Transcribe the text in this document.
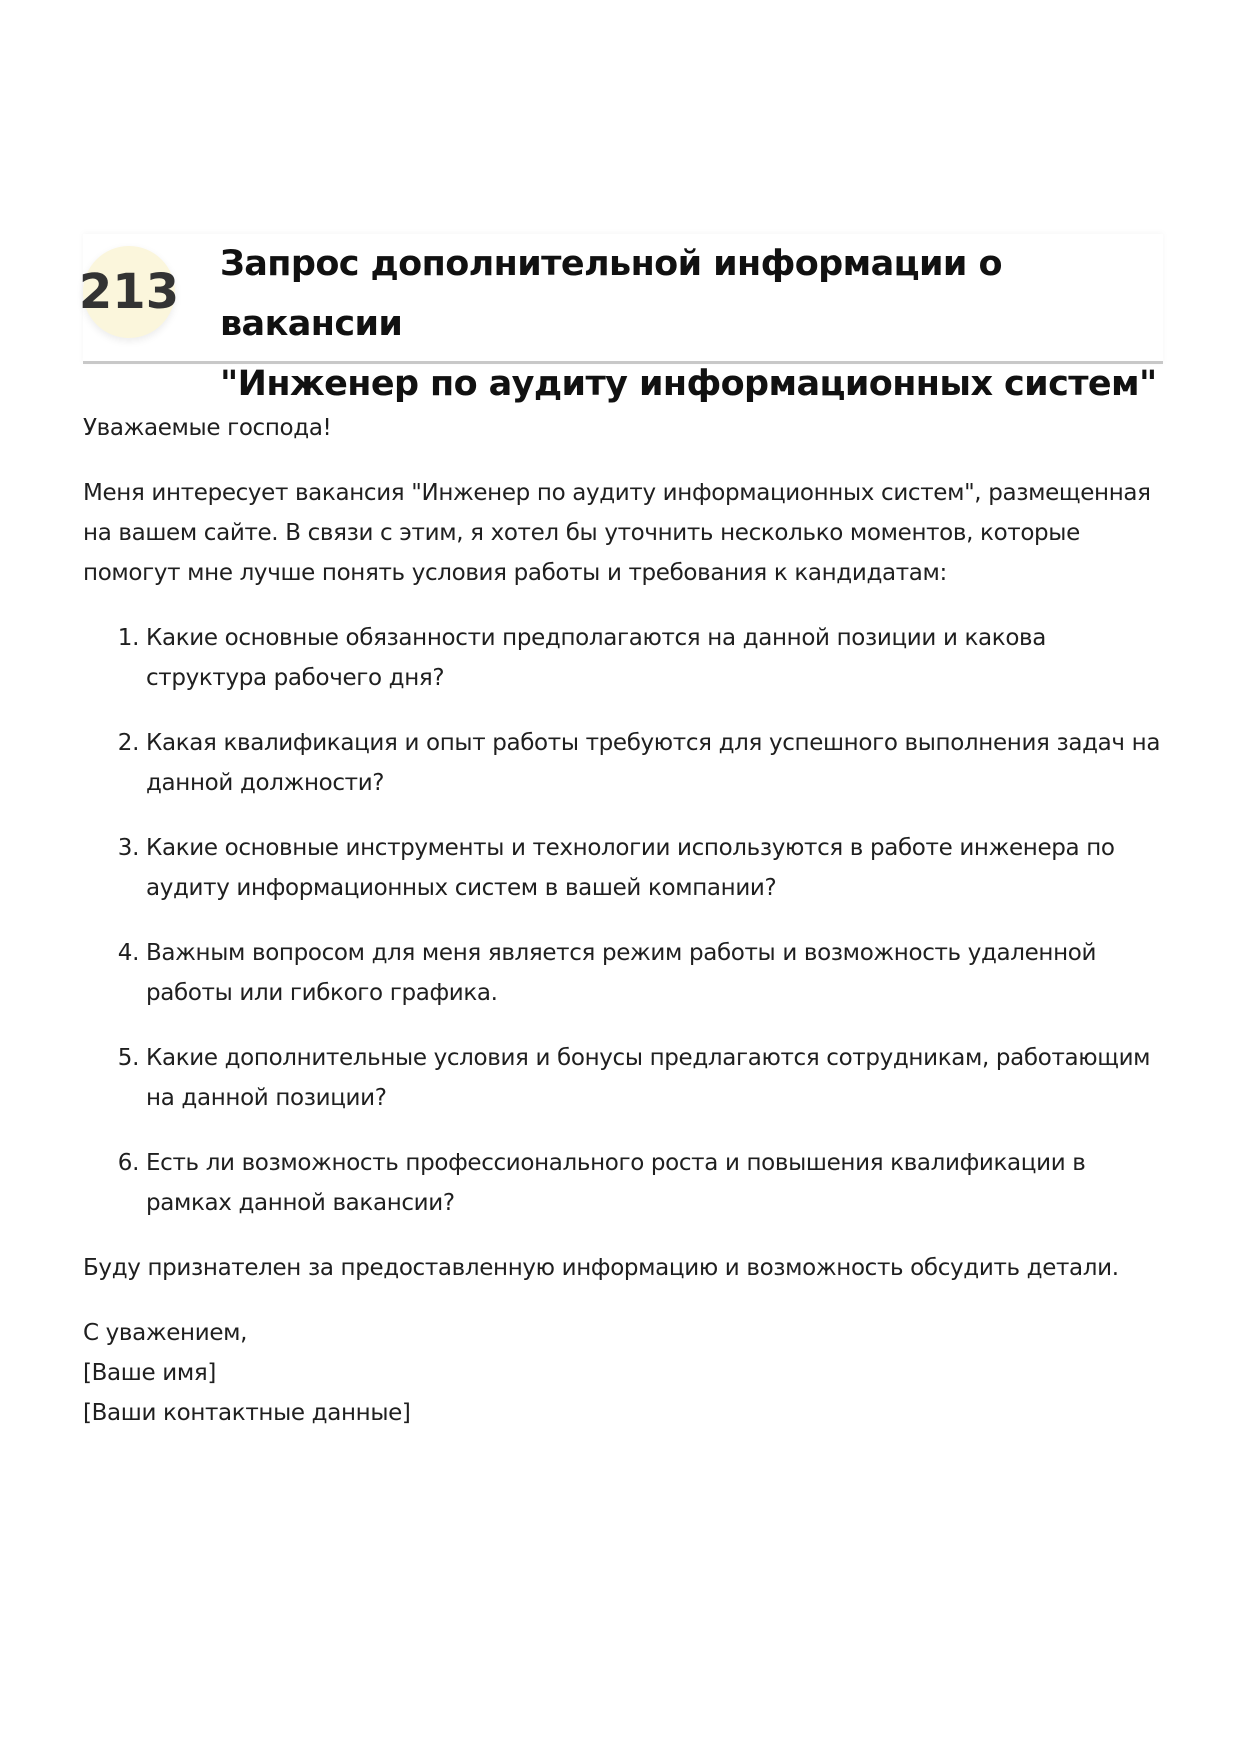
213 Запрос дополнительной информации о вакансии
"Инженер по аудиту информационных систем"

Уважаемые господа!

Меня интересует вакансия "Инженер по аудиту информационных систем", размещенная на вашем сайте. В связи с этим, я хотел бы уточнить несколько моментов, которые помогут мне лучше понять условия работы и требования к кандидатам:

1. Какие основные обязанности предполагаются на данной позиции и какова структура рабочего дня?
2. Какая квалификация и опыт работы требуются для успешного выполнения задач на данной должности?
3. Какие основные инструменты и технологии используются в работе инженера по аудиту информационных систем в вашей компании?
4. Важным вопросом для меня является режим работы и возможность удаленной работы или гибкого графика.
5. Какие дополнительные условия и бонусы предлагаются сотрудникам, работающим на данной позиции?
6. Есть ли возможность профессионального роста и повышения квалификации в рамках данной вакансии?

Буду признателен за предоставленную информацию и возможность обсудить детали.

С уважением,

[Ваше имя]

[Ваши контактные данные]
